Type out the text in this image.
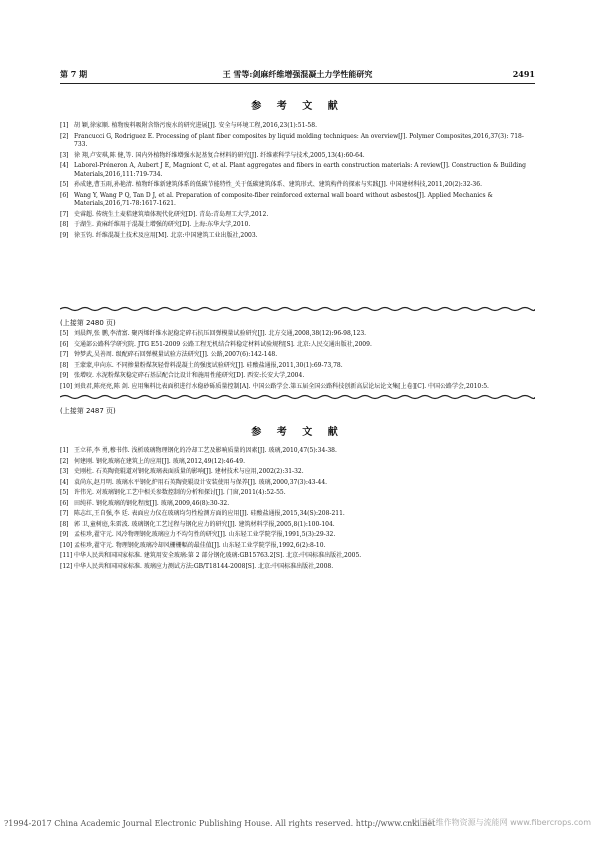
第 7 期	王 雪等:剑麻纤维增强混凝土力学性能研究	2491
参 考 文 献
[1] 胡 颖,徐家顺. 植物废料吸附含铬污废水的研究进展[J]. 安全与环境工程,2016,23(1):51-58.
[2] Francucci G, Rodriguez E. Processing of plant fiber composites by liquid molding techniques: An overview[J]. Polymer Composites,2016,37(3): 718-733.
[3] 徐 翔,卢安琪,陈 健,等. 国内外植物纤维增强水泥基复合材料的研究[J]. 纤维素科学与技术,2005,13(4):60-64.
[4] Laborel-Préneron A, Aubert J E, Magniont C, et al. Plant aggregates and fibers in earth construction materials: A review[J]. Construction & Building Materials,2016,111:719-734.
[5] 孙成建,曹玉雨,孙艳清. 植物纤维新建筑体系的低碳节能特性_关于低碳建筑体系、建筑形式、建筑构件的探索与实践[J]. 中国建材科技,2011,20(2):32-36.
[6] Wang Y, Wang P Q, Tan D J, et al. Preparation of composite-fiber reinforced external wall board without asbestos[J]. Applied Mechanics & Materials,2016,71-78:1617-1621.
[7] 史睿超. 传统生土麦秸建筑墙体现代化研究[D]. 青岛:青岛理工大学,2012.
[8] 于湖生. 黄麻纤维用于混凝土增强的研究[D]. 上海:东华大学,2010.
[9] 徐玉钧. 纤维混凝土技术及应用[M]. 北京:中国建筑工业出版社,2003.
(上接第 2480 页)
[5] 刘晨辉,张 鹏,李清富. 聚丙烯纤维水泥稳定碎石抗压回弹模量试验研究[J]. 北方交通,2008,38(12):96-98,123.
[6] 交通部公路科学研究院. JTG E51-2009 公路工程无机结合料稳定材料试验规程[S]. 北京:人民交通出版社,2009.
[7] 钟梦武,吴善周. 级配碎石回弹模量试验方法研究[J]. 公路,2007(6):142-148.
[8] 王蒙蒙,申向东. 不同掺量粉煤灰轻骨料混凝土的强度试验研究[J]. 硅酸盐通报,2011,30(1):69-73,78.
[9] 张增咬. 水泥粉煤灰稳定碎石基层配合比设计和施用性能研究[D]. 西安:长安大学,2004.
[10] 刘贵君,陈亮亮,陈 剑. 应用集料比表面积进行水稳砂砾质量控制[A]. 中国公路学会.第五届全国公路科技创新高层论坛论文集[上卷][C]. 中国公路学会,2010:5.
(上接第 2487 页)
参 考 文 献
[1] 王立祥,李 勇,穆书伟. 浅析玻璃物理钢化的冷却工艺及影响质量的因素[J]. 玻璃,2010,47(5):34-38.
[2] 何建刚. 钢化玻璃在建筑上的应用[J]. 玻璃,2012,49(12):46-49.
[3] 史刚杜. 石英陶瓷辊道对钢化玻璃表面质量的影响[J]. 建材技术与应用,2002(2):31-32.
[4] 袁尚东,赵月明. 玻璃水平钢化炉用石英陶瓷辊设计安装使用与保养[J]. 玻璃,2000,37(3):43-44.
[5] 许伟光. 对玻璃钢化工艺中相关参数控制的分析和探讨[J]. 门窗,2011(4):52-55.
[6] 田纯祥. 钢化玻璃的钢化程度[J]. 玻璃,2009,46(8):30-32.
[7] 陈志红,王自强,李 廷. 表面应力仪在玻璃均匀性检测方面的应用[J]. 硅酸盐通报,2015,34(S):208-211.
[8] 郭 卫,童树庭,朱雷波. 玻璃钢化工艺过程与钢化应力的研究[J]. 建筑材料学报,2005,8(1):100-104.
[9] 孟桂珍,翟守元. 风冷物理钢化玻璃应力不均匀性的研究[J]. 山东轻工业学院学报,1991,5(3):29-32.
[10] 孟桂珍,翟守元. 物理钢化玻璃冷却风栅栅幅的最佳值[J]. 山东轻工业学院学报,1992,6(2):8-10.
[11] 中华人民共和国国家标准. 建筑用安全玻璃:第 2 部分钢化玻璃:GB15763.2[S]. 北京:中国标准出版社,2005.
[12] 中华人民共和国国家标准. 玻璃应力测试方法:GB/T18144-2008[S]. 北京:中国标准出版社,2008.
?1994-2017 China Academic Journal Electronic Publishing House. All rights reserved. http://www.cnki.net
中国纤维作物资源与流能网 www.fibercrops.com
